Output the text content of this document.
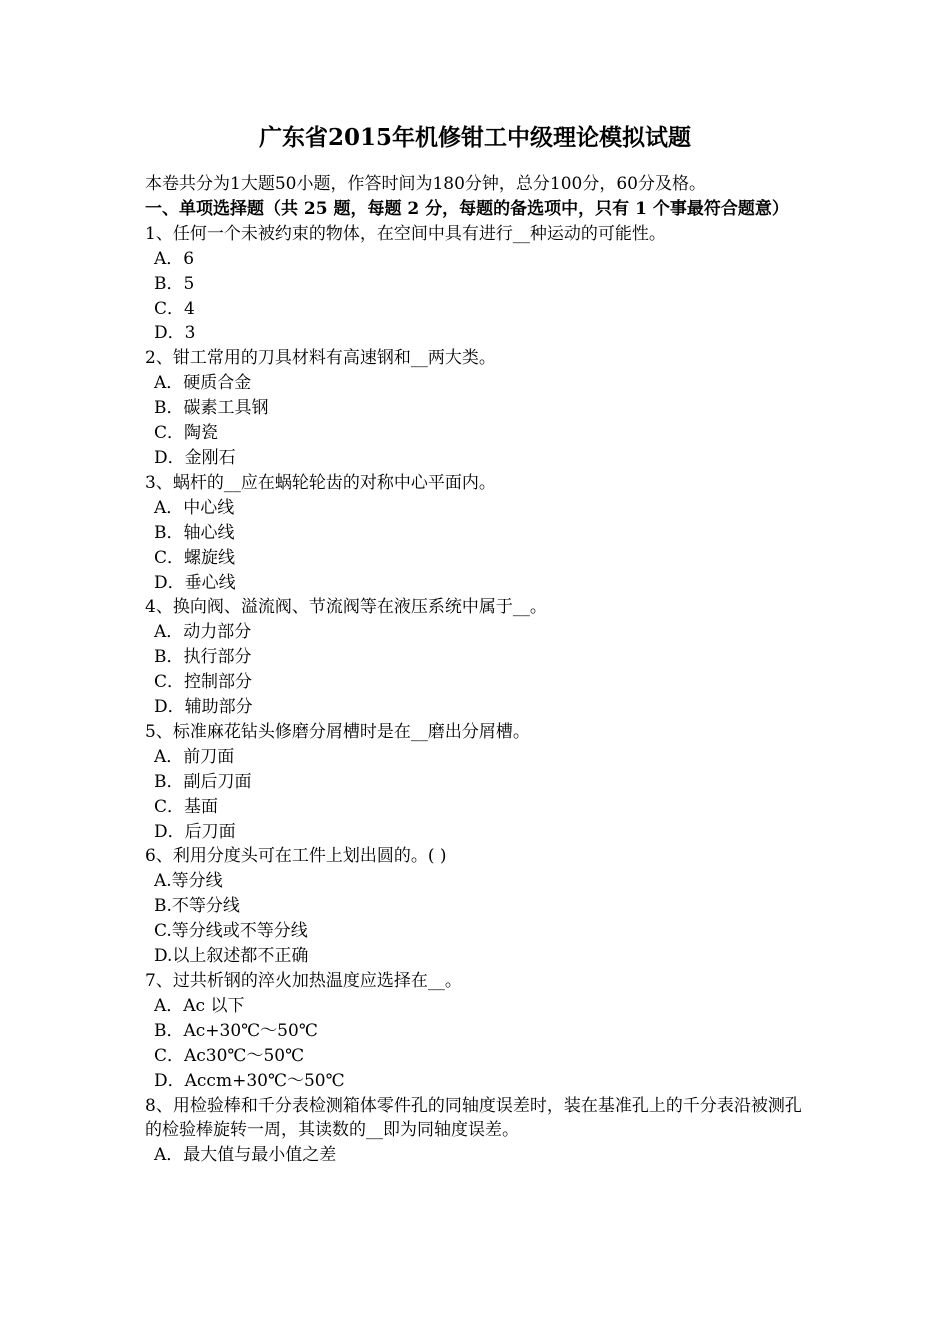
广东省2015年机修钳工中级理论模拟试题
本卷共分为1大题50小题，作答时间为180分钟，总分100分，60分及格。
一、单项选择题（共 25 题，每题 2 分，每题的备选项中，只有 1 个事最符合题意）
1、任何一个未被约束的物体，在空间中具有进行__种运动的可能性。
A．6
B．5
C．4
D．3
2、钳工常用的刀具材料有高速钢和__两大类。
A．硬质合金
B．碳素工具钢
C．陶瓷
D．金刚石
3、蜗杆的__应在蜗轮轮齿的对称中心平面内。
A．中心线
B．轴心线
C．螺旋线
D．垂心线
4、换向阀、溢流阀、节流阀等在液压系统中属于__。
A．动力部分
B．执行部分
C．控制部分
D．辅助部分
5、标准麻花钻头修磨分屑槽时是在__磨出分屑槽。
A．前刀面
B．副后刀面
C．基面
D．后刀面
6、利用分度头可在工件上划出圆的。( )
A.等分线
B.不等分线
C.等分线或不等分线
D.以上叙述都不正确
7、过共析钢的淬火加热温度应选择在__。
A．Ac 以下
B．Ac+30℃～50℃
C．Ac30℃～50℃
D．Accm+30℃～50℃
8、用检验棒和千分表检测箱体零件孔的同轴度误差时，装在基准孔上的千分表沿被测孔的检验棒旋转一周，其读数的__即为同轴度误差。
A．最大值与最小值之差
